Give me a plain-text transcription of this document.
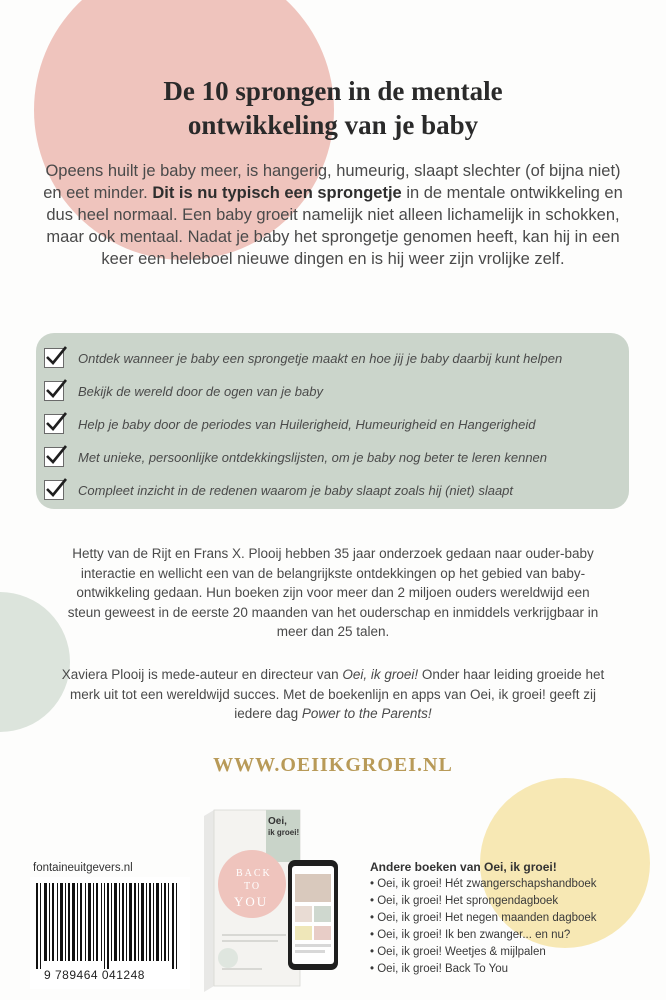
De 10 sprongen in de mentale
ontwikkeling van je baby

Opeens huilt je baby meer, is hangerig, humeurig, slaapt slechter (of bijna niet) en eet minder. Dit is nu typisch een sprongetje in de mentale ontwikkeling en dus heel normaal. Een baby groeit namelijk niet alleen lichamelijk in schokken, maar ook mentaal. Nadat je baby het sprongetje genomen heeft, kan hij in een keer een heleboel nieuwe dingen en is hij weer zijn vrolijke zelf.

Ontdek wanneer je baby een sprongetje maakt en hoe jij je baby daarbij kunt helpen
Bekijk de wereld door de ogen van je baby
Help je baby door de periodes van Huilerigheid, Humeurigheid en Hangerigheid
Met unieke, persoonlijke ontdekkingslijsten, om je baby nog beter te leren kennen
Compleet inzicht in de redenen waarom je baby slaapt zoals hij (niet) slaapt

Hetty van de Rijt en Frans X. Plooij hebben 35 jaar onderzoek gedaan naar ouder-baby interactie en wellicht een van de belangrijkste ontdekkingen op het gebied van baby-ontwikkeling gedaan. Hun boeken zijn voor meer dan 2 miljoen ouders wereldwijd een steun geweest in de eerste 20 maanden van het ouderschap en inmiddels verkrijgbaar in meer dan 25 talen.

Xaviera Plooij is mede-auteur en directeur van Oei, ik groei! Onder haar leiding groeide het merk uit tot een wereldwijd succes. Met de boekenlijn en apps van Oei, ik groei! geeft zij iedere dag Power to the Parents!

WWW.OEIIKGROEI.NL
fontaineuitgevers.nl
9 789464 041248
Oei,
ik groei!
BACK
TO
YOU
Andere boeken van Oei, ik groei!
• Oei, ik groei! Hét zwangerschapshandboek
• Oei, ik groei! Het sprongendagboek
• Oei, ik groei! Het negen maanden dagboek
• Oei, ik groei! Ik ben zwanger... en nu?
• Oei, ik groei! Weetjes & mijlpalen
• Oei, ik groei! Back To You
